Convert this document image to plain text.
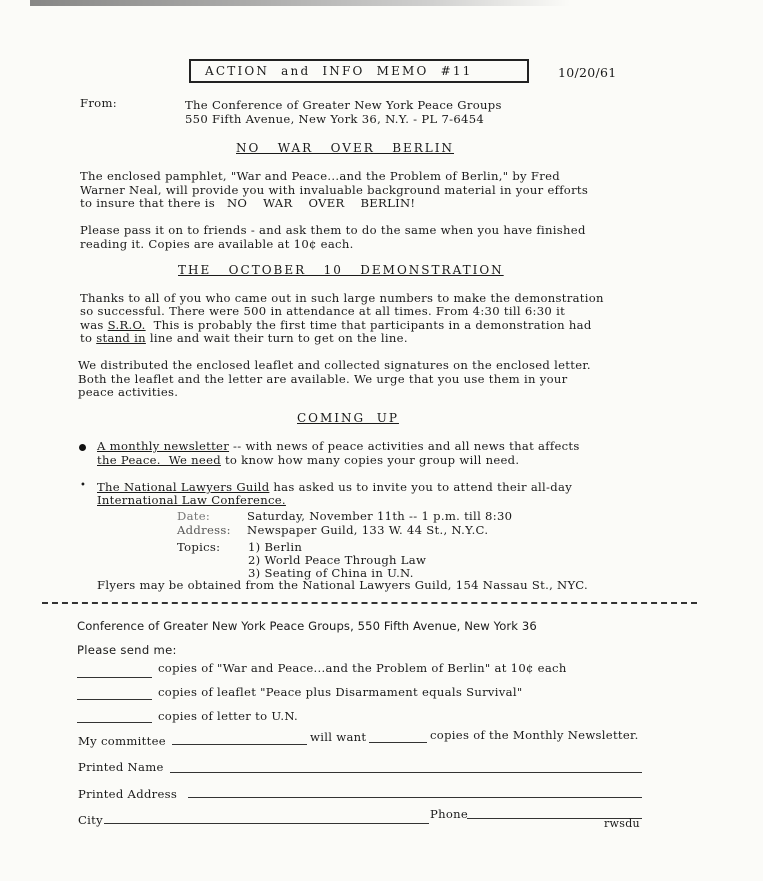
ACTION  and  INFO  MEMO  #11	10/20/61
From:	The Conference of Greater New York Peace Groups
550 Fifth Avenue, New York 36, N.Y. - PL 7-6454
NO   WAR   OVER   BERLIN
The enclosed pamphlet, "War and Peace...and the Problem of Berlin," by Fred
Warner Neal, will provide you with invaluable background material in your efforts
to insure that there is   NO    WAR    OVER    BERLIN!
Please pass it on to friends - and ask them to do the same when you have finished
reading it. Copies are available at 10¢ each.
THE   OCTOBER   10   DEMONSTRATION
Thanks to all of you who came out in such large numbers to make the demonstration
so successful. There were 500 in attendance at all times. From 4:30 till 6:30 it
was S.R.O.  This is probably the first time that participants in a demonstration had
to stand in line and wait their turn to get on the line.
We distributed the enclosed leaflet and collected signatures on the enclosed letter.
Both the leaflet and the letter are available. We urge that you use them in your
peace activities.
COMING  UP
A monthly newsletter -- with news of peace activities and all news that affects
the Peace.  We need to know how many copies your group will need.
• The National Lawyers Guild has asked us to invite you to attend their all-day
International Law Conference.
Date:	Saturday, November 11th -- 1 p.m. till 8:30
Address: Newspaper Guild, 133 W. 44 St., N.Y.C.
Topics: 1) Berlin
2) World Peace Through Law
3) Seating of China in U.N.
Flyers may be obtained from the National Lawyers Guild, 154 Nassau St., NYC.
Conference of Greater New York Peace Groups, 550 Fifth Avenue, New York 36
Please send me:
copies of "War and Peace...and the Problem of Berlin" at 10¢ each
copies of leaflet "Peace plus Disarmament equals Survival"
copies of letter to U.N.
My committee	will want	copies of the Monthly Newsletter.
Printed Name
Printed Address
City	Phone
rwsdu
